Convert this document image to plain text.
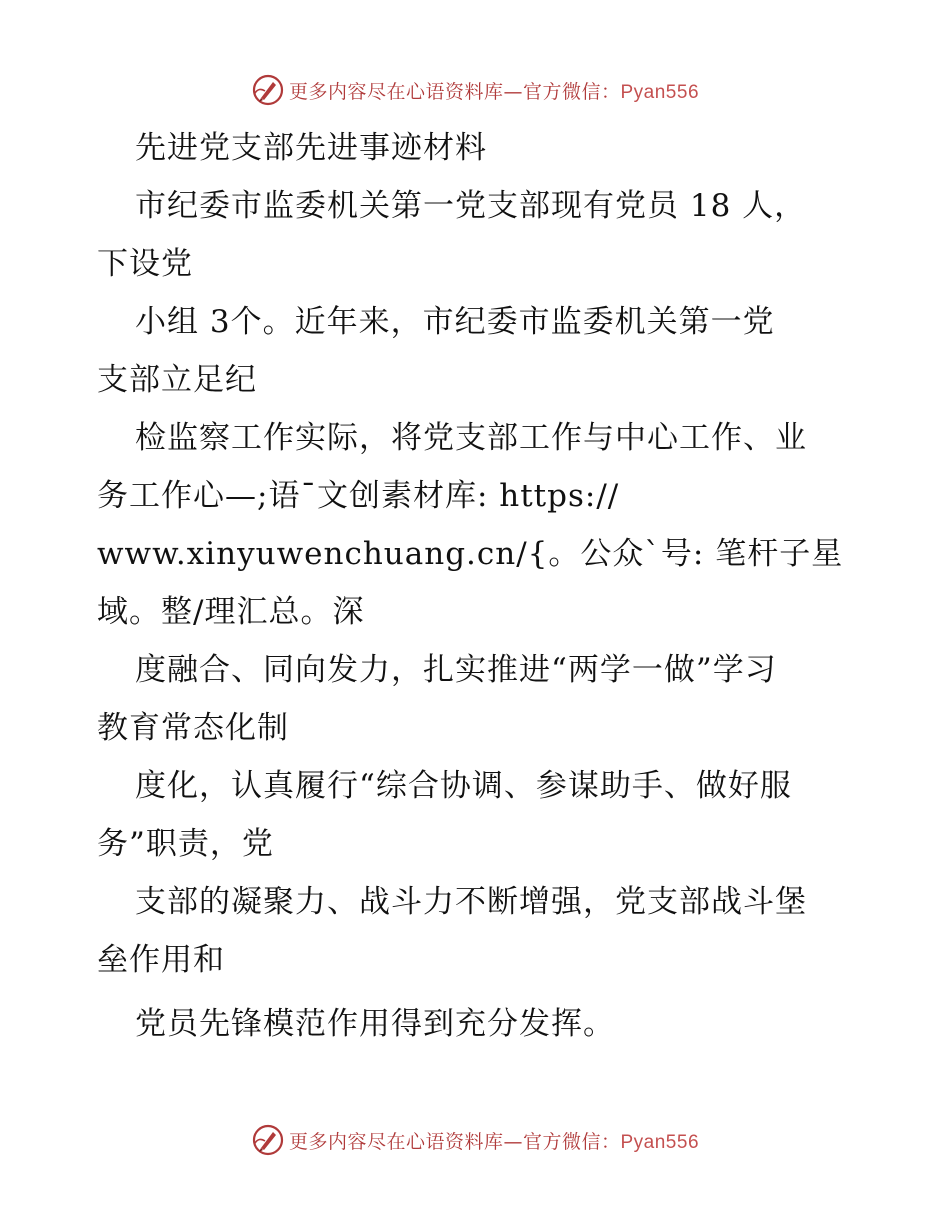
更多内容尽在心语资料库—官方微信：Pyan556
先进党支部先进事迹材料
市纪委市监委机关第一党支部现有党员 18 人，
下设党
小组 3个。近年来，市纪委市监委机关第一党
支部立足纪
检监察工作实际，将党支部工作与中心工作、业
务工作心—;语¯文创素材库: https://
www.xinyuwenchuang.cn/{。公众`号: 笔杆子星
域。整/理汇总。深
度融合、同向发力，扎实推进“两学一做”学习
教育常态化制
度化，认真履行“综合协调、参谋助手、做好服
务”职责，党
支部的凝聚力、战斗力不断增强，党支部战斗堡
垒作用和
党员先锋模范作用得到充分发挥。
更多内容尽在心语资料库—官方微信：Pyan556
